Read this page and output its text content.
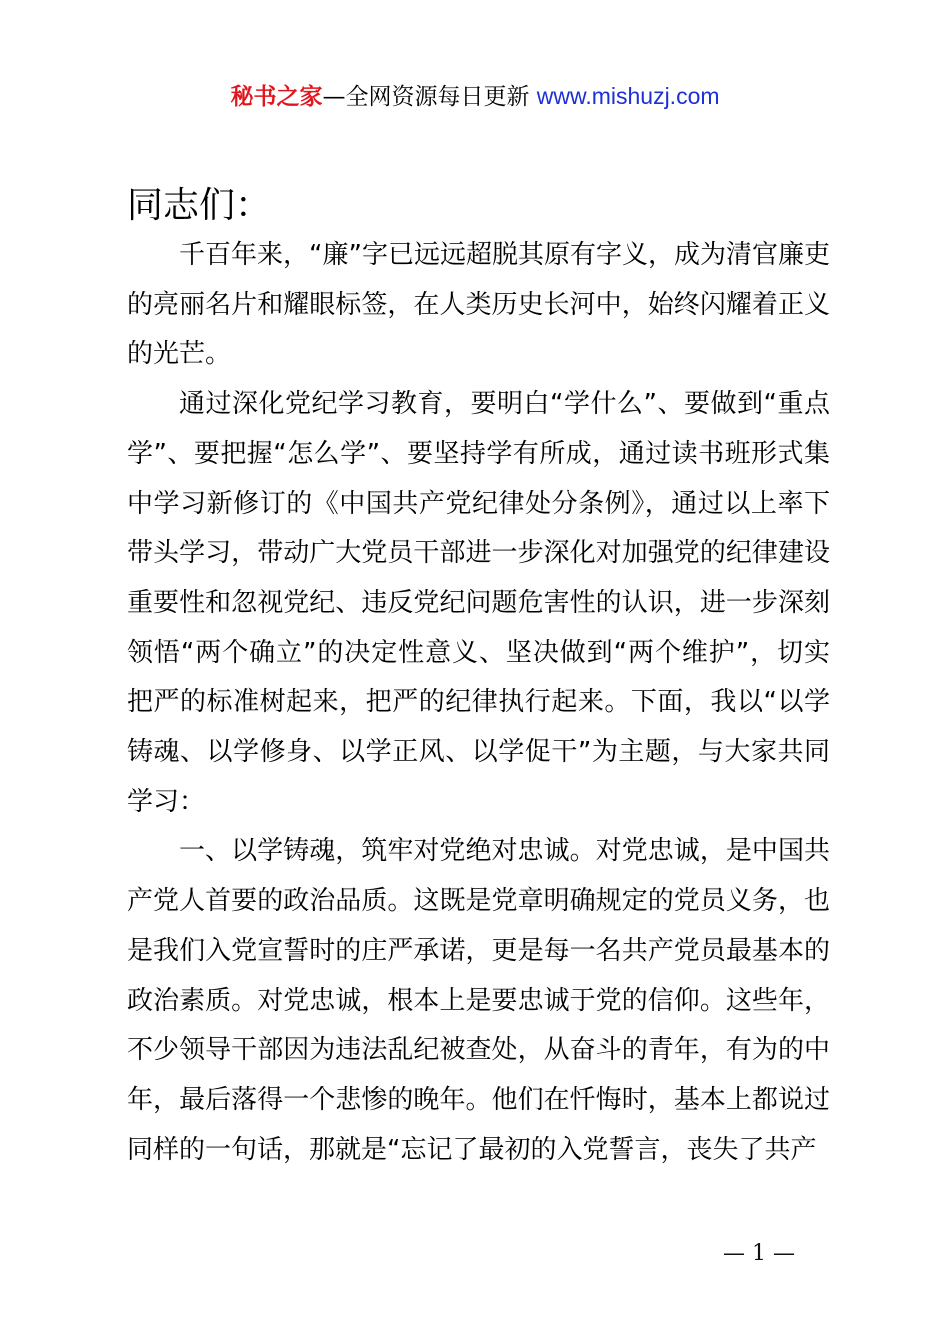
秘书之家—全网资源每日更新 www.mishuzj.com
同志们：

千百年来，“廉”字已远远超脱其原有字义，成为清官廉吏的亮丽名片和耀眼标签，在人类历史长河中，始终闪耀着正义的光芒。

通过深化党纪学习教育，要明白“学什么”、要做到“重点学”、要把握“怎么学”、要坚持学有所成，通过读书班形式集中学习新修订的《中国共产党纪律处分条例》，通过以上率下带头学习，带动广大党员干部进一步深化对加强党的纪律建设重要性和忽视党纪、违反党纪问题危害性的认识，进一步深刻领悟“两个确立”的决定性意义、坚决做到“两个维护”，切实把严的标准树起来，把严的纪律执行起来。下面，我以“以学铸魂、以学修身、以学正风、以学促干”为主题，与大家共同学习：

一、以学铸魂，筑牢对党绝对忠诚。对党忠诚，是中国共产党人首要的政治品质。这既是党章明确规定的党员义务，也是我们入党宣誓时的庄严承诺，更是每一名共产党员最基本的政治素质。对党忠诚，根本上是要忠诚于党的信仰。这些年，不少领导干部因为违法乱纪被查处，从奋斗的青年，有为的中年，最后落得一个悲惨的晚年。他们在忏悔时，基本上都说过同样的一句话，那就是“忘记了最初的入党誓言，丧失了共产

— 1 —
